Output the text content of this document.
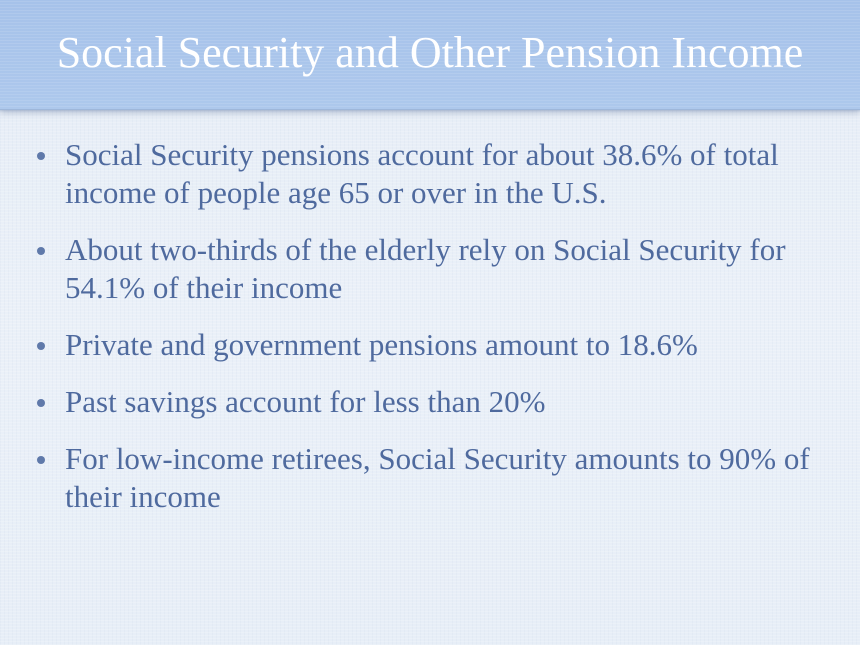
Social Security and Other Pension Income
Social Security pensions account for about 38.6% of total income of people age 65 or over in the U.S.
About two-thirds of the elderly rely on Social Security for 54.1% of their income
Private and government pensions amount to 18.6%
Past savings account for less than 20%
For low-income retirees, Social Security amounts to 90% of their income
